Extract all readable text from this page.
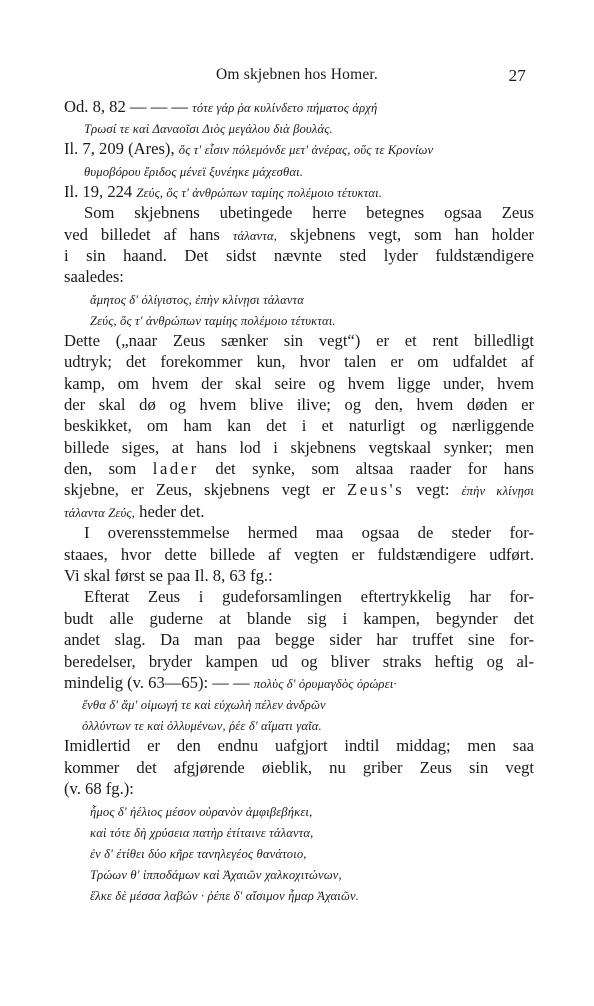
Om skjebnen hos Homer.	27
Od. 8, 82 — — — τότε γάρ ῥα κυλίνδετο πήματος ἀρχή
Τρωσί τε καὶ Δαναοῖσι Διὸς μεγάλου διὰ βουλάς.
Il. 7, 209 (Ares), ὅς τ' εἶσιν πόλεμόνδε μετ' ἀνέρας, οὕς τε Κρονίων
θυμοβόρου ἔριδος μένεϊ ξυνέηκε μάχεσθαι.
Il. 19, 224 Ζεύς, ὅς τ' ἀνθρώπων ταμίης πολέμοιο τέτυκται.
Som skjebnens ubetingede herre betegnes ogsaa Zeus
ved billedet af hans τάλαντα, skjebnens vegt, som han holder
i sin haand. Det sidst nævnte sted lyder fuldstændigere
saaledes:
ἄμητος δ' ὀλίγιστος, ἐπὴν κλίνῃσι τάλαντα
Ζεύς, ὅς τ' ἀνθρώπων ταμίης πολέμοιο τέτυκται.
Dette („naar Zeus sænker sin vegt“) er et rent billedligt
udtryk; det forekommer kun, hvor talen er om udfaldet af
kamp, om hvem der skal seire og hvem ligge under, hvem
der skal dø og hvem blive ilive; og den, hvem døden er
beskikket, om ham kan det i et naturligt og nærliggende
billede siges, at hans lod i skjebnens vegtskaal synker; men
den, som lader det synke, som altsaa raader for hans
skjebne, er Zeus, skjebnens vegt er Zeus's vegt: ἐπὴν κλίνῃσι
τάλαντα Ζεύς, heder det.
I overensstemmelse hermed maa ogsaa de steder for-
staaes, hvor dette billede af vegten er fuldstændigere udført.
Vi skal først se paa Il. 8, 63 fg.:
Efterat Zeus i gudeforsamlingen eftertrykkelig har for-
budt alle guderne at blande sig i kampen, begynder det
andet slag. Da man paa begge sider har truffet sine for-
beredelser, bryder kampen ud og bliver straks heftig og al-
mindelig (v. 63—65): — — πολὺς δ' ὀρυμαγδὸς ὀρώρει·
ἔνθα δ' ἅμ' οἰμωγή τε καὶ εὐχωλὴ πέλεν ἀνδρῶν
ὀλλύντων τε καὶ ὀλλυμένων, ῥέε δ' αἵματι γαῖα.
Imidlertid er den endnu uafgjort indtil middag; men saa
kommer det afgjørende øieblik, nu griber Zeus sin vegt
(v. 68 fg.):
ἦμος δ' ἠέλιος μέσον οὐρανὸν ἀμφιβεβήκει,
καὶ τότε δὴ χρύσεια πατὴρ ἐτίταινε τάλαντα,
ἐν δ' ἐτίθει δύο κῆρε τανηλεγέος θανάτοιο,
Τρώων θ' ἱπποδάμων καὶ Ἀχαιῶν χαλκοχιτώνων,
ἕλκε δὲ μέσσα λαβών · ῥέπε δ' αἴσιμον ἦμαρ Ἀχαιῶν.
